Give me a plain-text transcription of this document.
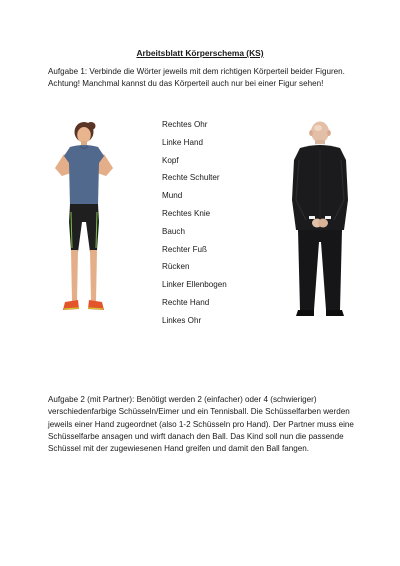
Arbeitsblatt Körperschema (KS)
Aufgabe 1: Verbinde die Wörter jeweils mit dem richtigen Körperteil beider Figuren. Achtung! Manchmal kannst du das Körperteil auch nur bei einer Figur sehen!
Rechtes Ohr
Linke Hand
Kopf
Rechte Schulter
Mund
Rechtes Knie
Bauch
Rechter Fuß
Rücken
Linker Ellenbogen
Rechte Hand
Linkes Ohr
Aufgabe 2 (mit Partner): Benötigt werden 2 (einfacher) oder 4 (schwieriger) verschiedenfarbige Schüsseln/Eimer und ein Tennisball. Die Schüsselfarben werden jeweils einer Hand zugeordnet (also 1-2 Schüsseln pro Hand). Der Partner muss eine Schüsselfarbe ansagen und wirft danach den Ball. Das Kind soll nun die passende Schüssel mit der zugewiesenen Hand greifen und damit den Ball fangen.
